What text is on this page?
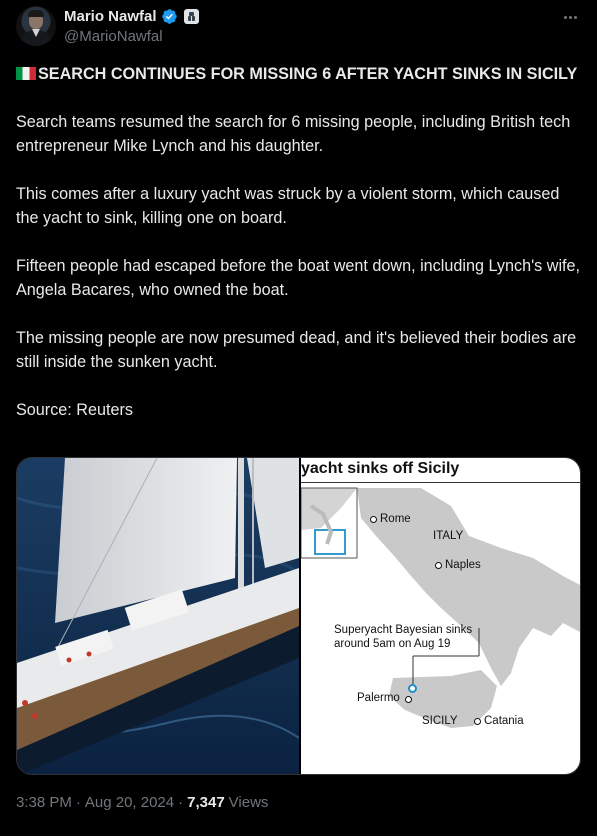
Mario Nawfal
@MarioNawfal

SEARCH CONTINUES FOR MISSING 6 AFTER YACHT SINKS IN SICILY

Search teams resumed the search for 6 missing people, including British tech entrepreneur Mike Lynch and his daughter.

This comes after a luxury yacht was struck by a violent storm, which caused the yacht to sink, killing one on board.

Fifteen people had escaped before the boat went down, including Lynch's wife, Angela Bacares, who owned the boat.

The missing people are now presumed dead, and it's believed their bodies are still inside the sunken yacht.

Source: Reuters

yacht sinks off Sicily
Rome
ITALY
Naples
Superyacht Bayesian sinks
around 5am on Aug 19
Palermo
SICILY Catania
3:38 PM · Aug 20, 2024 · 7,347 Views
